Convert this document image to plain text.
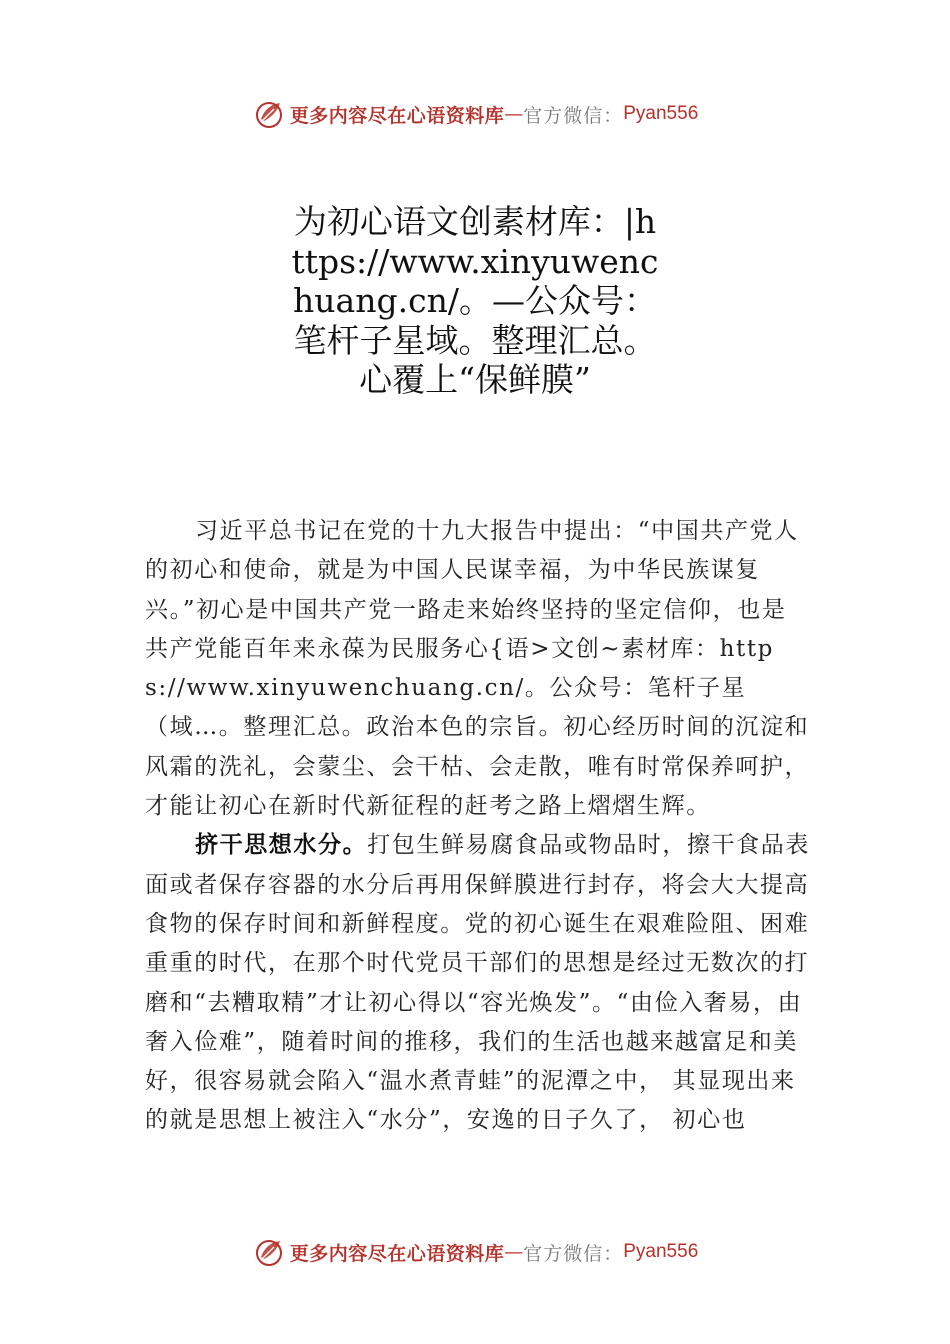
更多内容尽在心语资料库 — 官方微信： Pyan556
为初心语文创素材库：|https://www.xinyuwenchuang.cn/。—公众号：笔杆子星域。整理汇总。心覆上“保鲜膜”

习近平总书记在党的十九大报告中提出：“中国共产党人的初心和使命，就是为中国人民谋幸福，为中华民族谋复兴。”初心是中国共产党一路走来始终坚持的坚定信仰，也是共产党能百年来永葆为民服务心{语>文创~素材库：https://www.xinyuwenchuang.cn/。公众号：笔杆子星（域…。整理汇总。政治本色的宗旨。初心经历时间的沉淀和风霜的洗礼，会蒙尘、会干枯、会走散，唯有时常保养呵护，才能让初心在新时代新征程的赶考之路上熠熠生辉。

挤干思想水分。打包生鲜易腐食品或物品时，擦干食品表面或者保存容器的水分后再用保鲜膜进行封存，将会大大提高食物的保存时间和新鲜程度。党的初心诞生在艰难险阻、困难重重的时代，在那个时代党员干部们的思想是经过无数次的打磨和“去糟取精”才让初心得以“容光焕发”。“由俭入奢易，由奢入俭难”，随着时间的推移，我们的生活也越来越富足和美好，很容易就会陷入“温水煮青蛙”的泥潭之中， 其显现出来的就是思想上被注入“水分”，安逸的日子久了， 初心也

更多内容尽在心语资料库 — 官方微信： Pyan556
